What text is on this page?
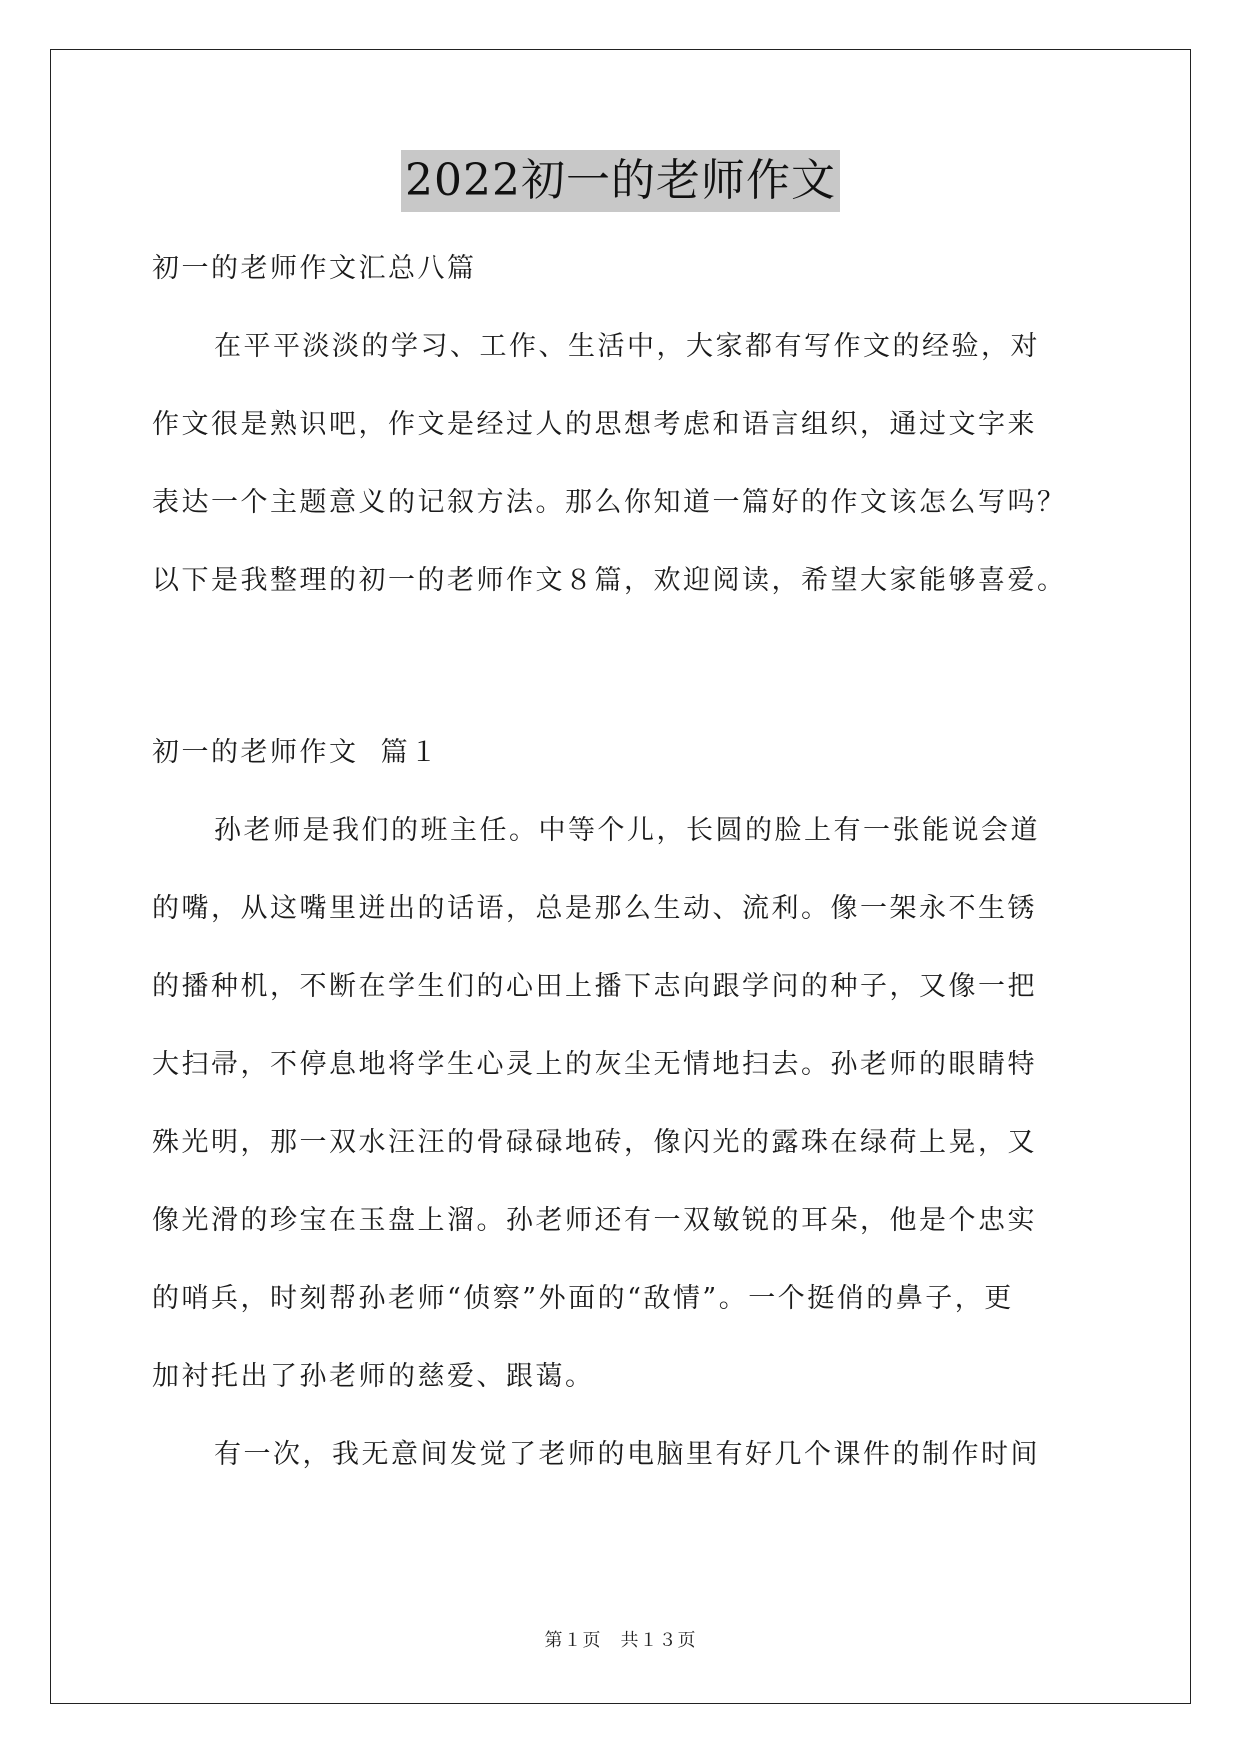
2022初一的老师作文
初一的老师作文汇总八篇
在平平淡淡的学习、工作、生活中，大家都有写作文的经验，对
作文很是熟识吧，作文是经过人的思想考虑和语言组织，通过文字来
表达一个主题意义的记叙方法。那么你知道一篇好的作文该怎么写吗？
以下是我整理的初一的老师作文８篇，欢迎阅读，希望大家能够喜爱。
初一的老师作文  篇１
孙老师是我们的班主任。中等个儿，长圆的脸上有一张能说会道
的嘴，从这嘴里迸出的话语，总是那么生动、流利。像一架永不生锈
的播种机，不断在学生们的心田上播下志向跟学问的种子，又像一把
大扫帚，不停息地将学生心灵上的灰尘无情地扫去。孙老师的眼睛特
殊光明，那一双水汪汪的骨碌碌地砖，像闪光的露珠在绿荷上晃，又
像光滑的珍宝在玉盘上溜。孙老师还有一双敏锐的耳朵，他是个忠实
的哨兵，时刻帮孙老师“侦察”外面的“敌情”。一个挺俏的鼻子，更
加衬托出了孙老师的慈爱、跟蔼。
有一次，我无意间发觉了老师的电脑里有好几个课件的制作时间
第１页　共１３页
